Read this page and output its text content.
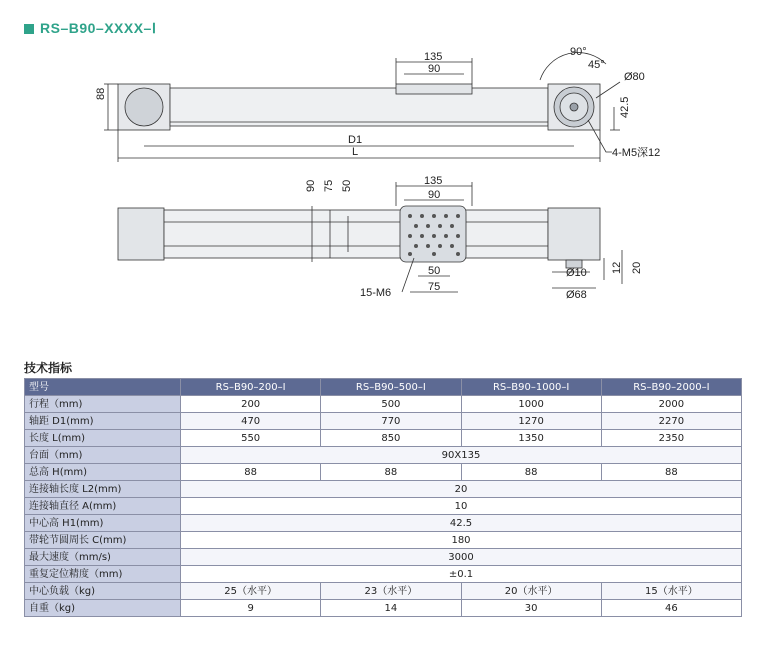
RS–B90–XXXX–Ⅰ
88
135
90
D1
L
90°
45°
Ø80
42.5
4-M5深12
135
90
90 75 50
50
75
15-M6
Ø10
Ø68
12 20
技术指标
型号	RS–B90–200–Ⅰ	RS–B90–500–Ⅰ	RS–B90–1000–Ⅰ	RS–B90–2000–Ⅰ
行程（mm)	200	500	1000	2000
轴距 D1(mm)	470	770	1270	2270
长度 L(mm)	550	850	1350	2350
台面（mm)	90X135			
总高 H(mm)	88	88	88	88
连接轴长度 L2(mm)	20			
连接轴直径 A(mm)	10			
中心高 H1(mm)	42.5			
带轮节圆周长 C(mm)	180			
最大速度（mm/s)	3000			
重复定位精度（mm)	±0.1			
中心负载（kg)	25（水平）	23（水平）	20（水平）	15（水平）
自重（kg)	9	14	30	46
